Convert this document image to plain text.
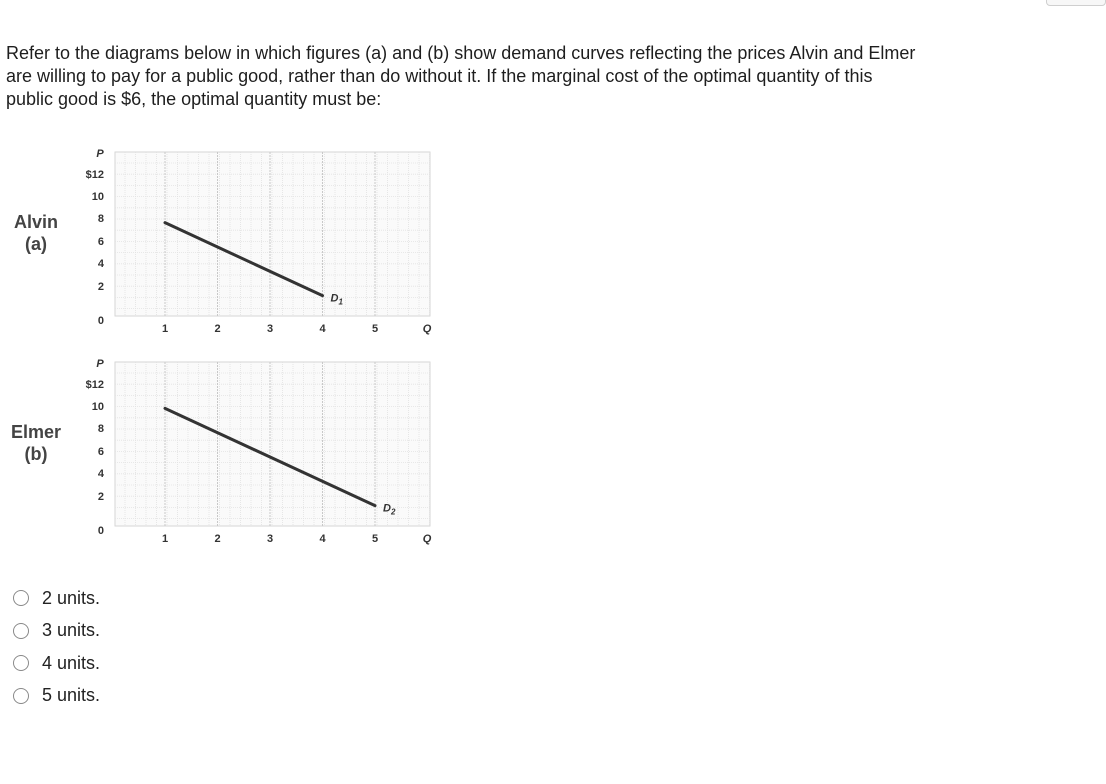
Refer to the diagrams below in which figures (a) and (b) show demand curves reflecting the prices Alvin and Elmer
are willing to pay for a public good, rather than do without it. If the marginal cost of the optimal quantity of this
public good is $6, the optimal quantity must be:
Alvin
(a)
P
$12
10
8
6
4
2
0
1	2	3	4	5	Q
$D_1$
Elmer
(b)
P
$12
10
8
6
4
2
0
1	2	3	4	5	Q
$D_2$
2 units.
3 units.
4 units.
5 units.
